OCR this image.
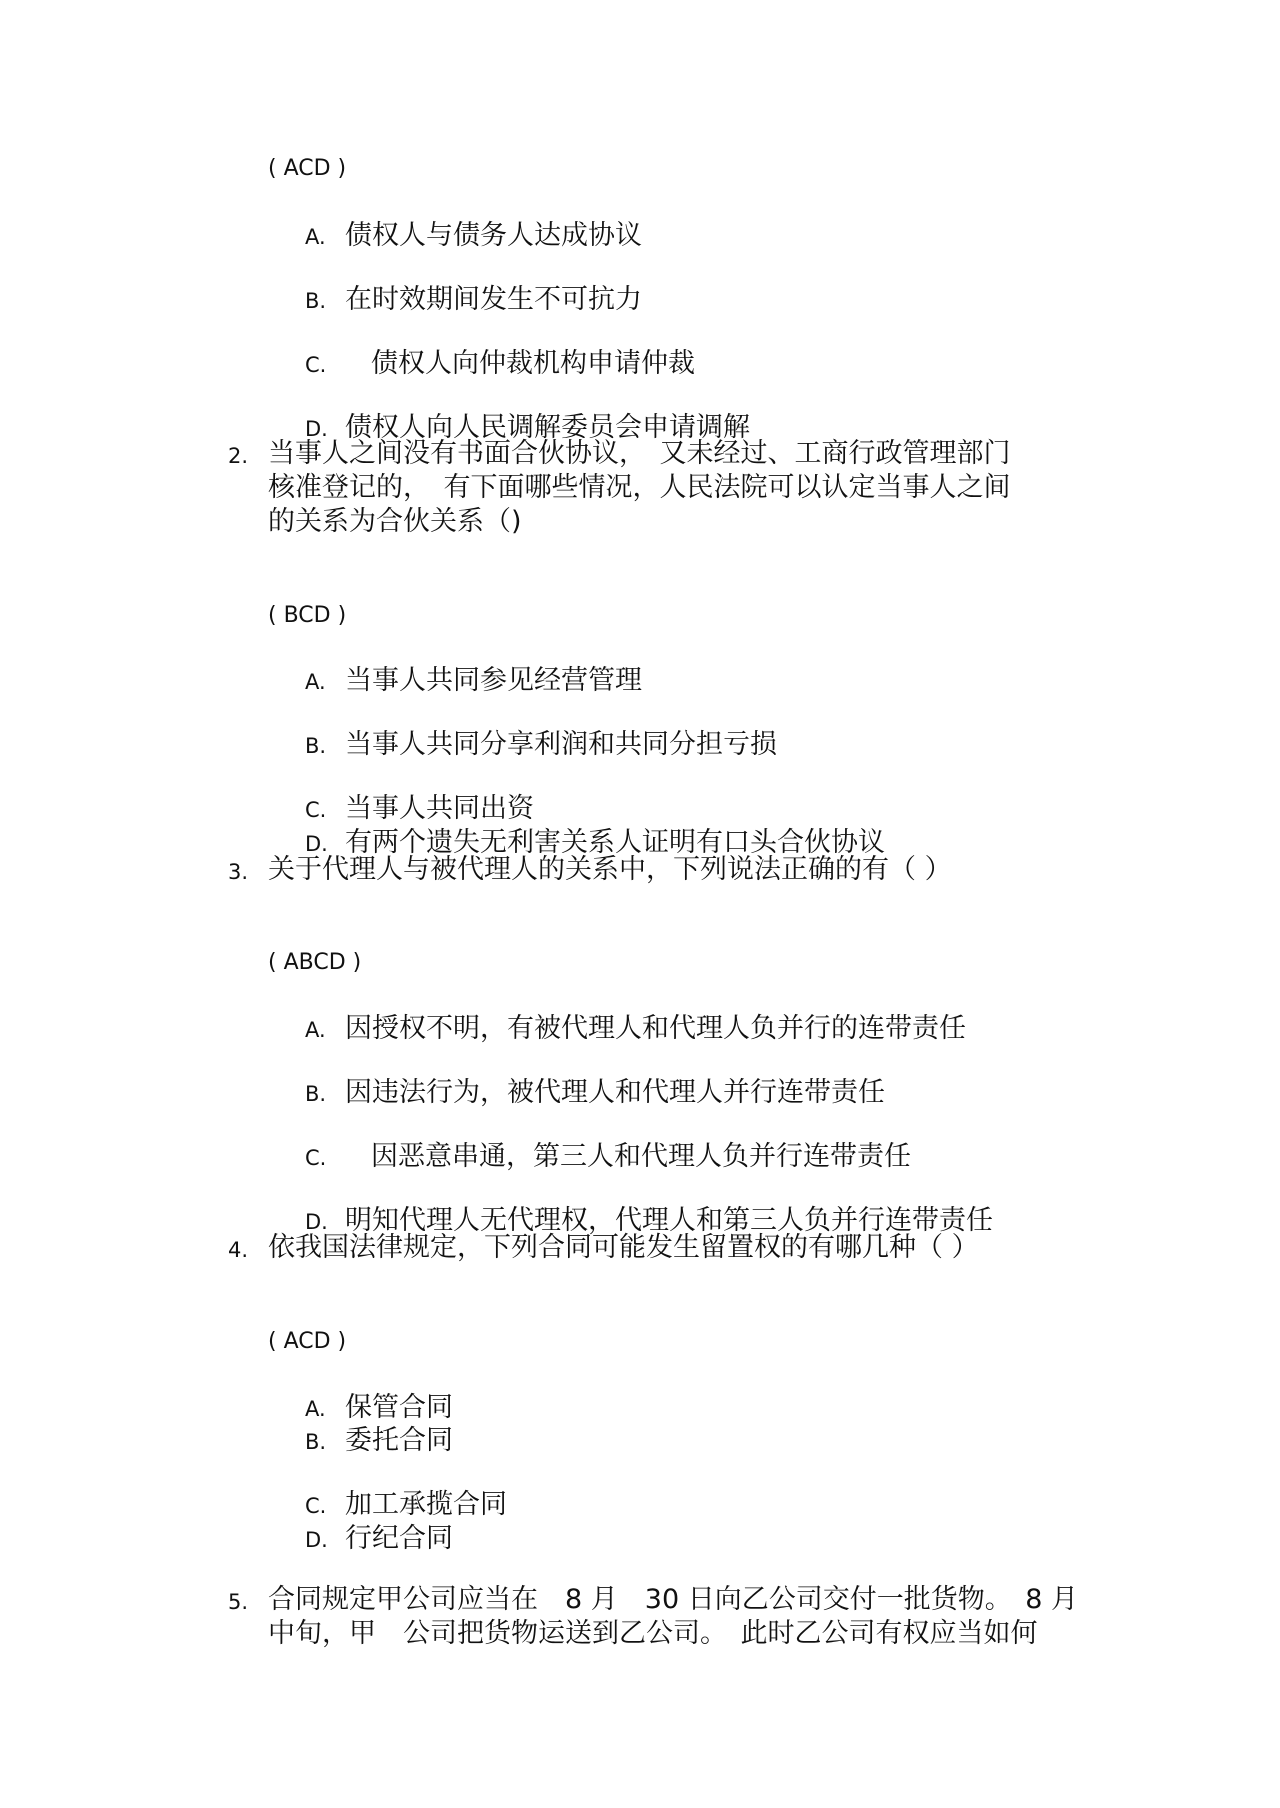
( ACD )
A. 债权人与债务人达成协议
B. 在时效期间发生不可抗力
C. 债权人向仲裁机构申请仲裁
D. 债权人向人民调解委员会申请调解
2. 当事人之间没有书面合伙协议，　又未经过、工商行政管理部门
核准登记的，　有下面哪些情况，人民法院可以认定当事人之间
的关系为合伙关系（)
( BCD )
A. 当事人共同参见经营管理
B. 当事人共同分享利润和共同分担亏损
C. 当事人共同出资
D. 有两个遗失无利害关系人证明有口头合伙协议
3. 关于代理人与被代理人的关系中，下列说法正确的有（ ）
( ABCD )
A. 因授权不明，有被代理人和代理人负并行的连带责任
B. 因违法行为，被代理人和代理人并行连带责任
C. 因恶意串通，第三人和代理人负并行连带责任
D. 明知代理人无代理权，代理人和第三人负并行连带责任
4. 依我国法律规定，下列合同可能发生留置权的有哪几种（ ）
( ACD )
A. 保管合同
B. 委托合同
C. 加工承揽合同
D. 行纪合同
5. 合同规定甲公司应当在　8 月　30 日向乙公司交付一批货物。　8 月
中旬，甲　公司把货物运送到乙公司。　此时乙公司有权应当如何
